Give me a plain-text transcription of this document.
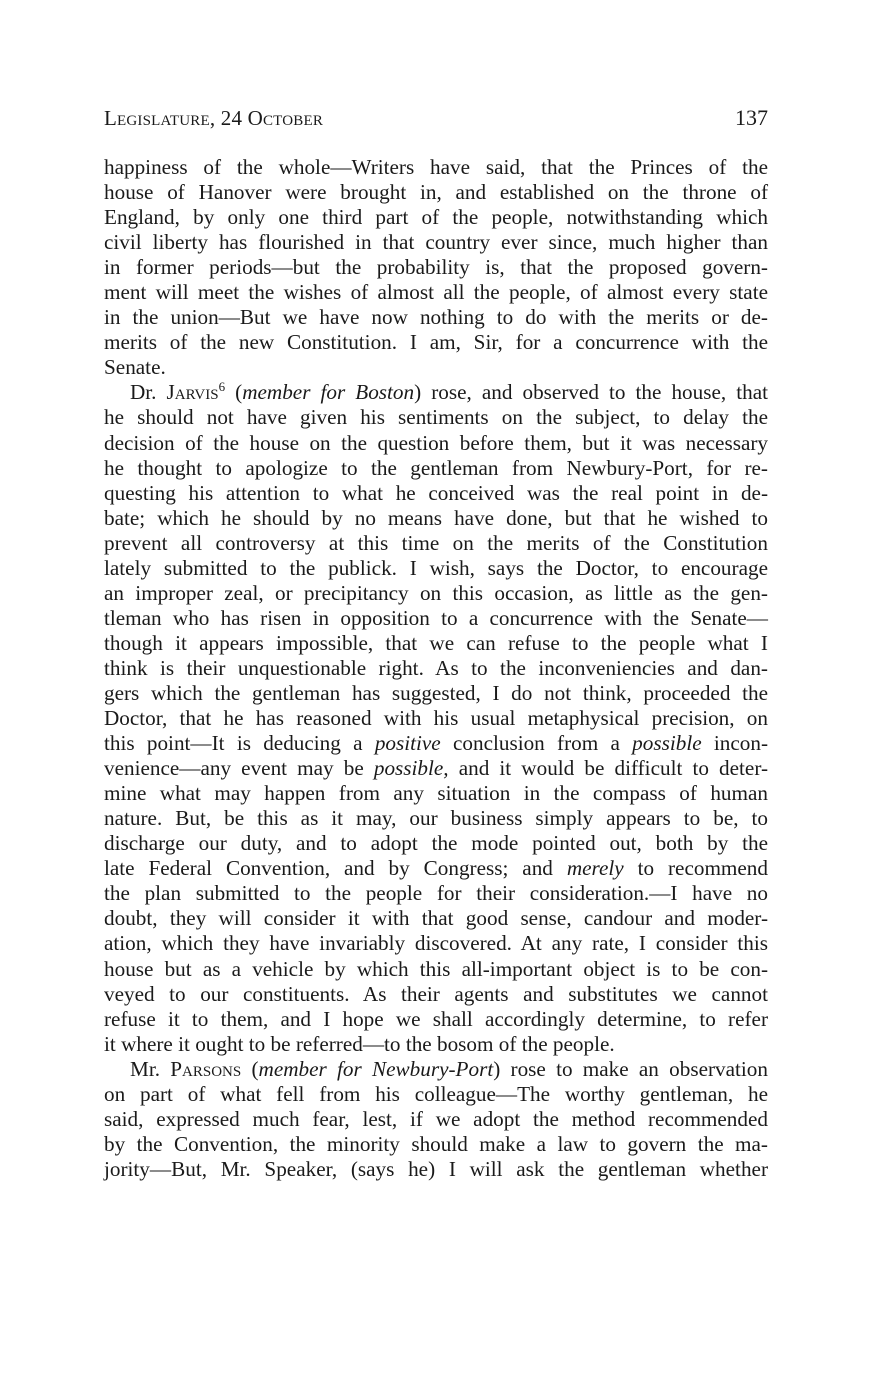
Legislature, 24 October	137

happiness of the whole—Writers have said, that the Princes of the
house of Hanover were brought in, and established on the throne of
England, by only one third part of the people, notwithstanding which
civil liberty has flourished in that country ever since, much higher than
in former periods—but the probability is, that the proposed govern-
ment will meet the wishes of almost all the people, of almost every state
in the union—But we have now nothing to do with the merits or de-
merits of the new Constitution. I am, Sir, for a concurrence with the
Senate.

Dr. Jarvis$^6$ (member for Boston) rose, and observed to the house, that
he should not have given his sentiments on the subject, to delay the
decision of the house on the question before them, but it was necessary
he thought to apologize to the gentleman from Newbury-Port, for re-
questing his attention to what he conceived was the real point in de-
bate; which he should by no means have done, but that he wished to
prevent all controversy at this time on the merits of the Constitution
lately submitted to the publick. I wish, says the Doctor, to encourage
an improper zeal, or precipitancy on this occasion, as little as the gen-
tleman who has risen in opposition to a concurrence with the Senate—
though it appears impossible, that we can refuse to the people what I
think is their unquestionable right. As to the inconveniencies and dan-
gers which the gentleman has suggested, I do not think, proceeded the
Doctor, that he has reasoned with his usual metaphysical precision, on
this point—It is deducing a positive conclusion from a possible incon-
venience—any event may be possible, and it would be difficult to deter-
mine what may happen from any situation in the compass of human
nature. But, be this as it may, our business simply appears to be, to
discharge our duty, and to adopt the mode pointed out, both by the
late Federal Convention, and by Congress; and merely to recommend
the plan submitted to the people for their consideration.—I have no
doubt, they will consider it with that good sense, candour and moder-
ation, which they have invariably discovered. At any rate, I consider this
house but as a vehicle by which this all-important object is to be con-
veyed to our constituents. As their agents and substitutes we cannot
refuse it to them, and I hope we shall accordingly determine, to refer
it where it ought to be referred—to the bosom of the people.

Mr. Parsons (member for Newbury-Port) rose to make an observation
on part of what fell from his colleague—The worthy gentleman, he
said, expressed much fear, lest, if we adopt the method recommended
by the Convention, the minority should make a law to govern the ma-
jority—But, Mr. Speaker, (says he) I will ask the gentleman whether
